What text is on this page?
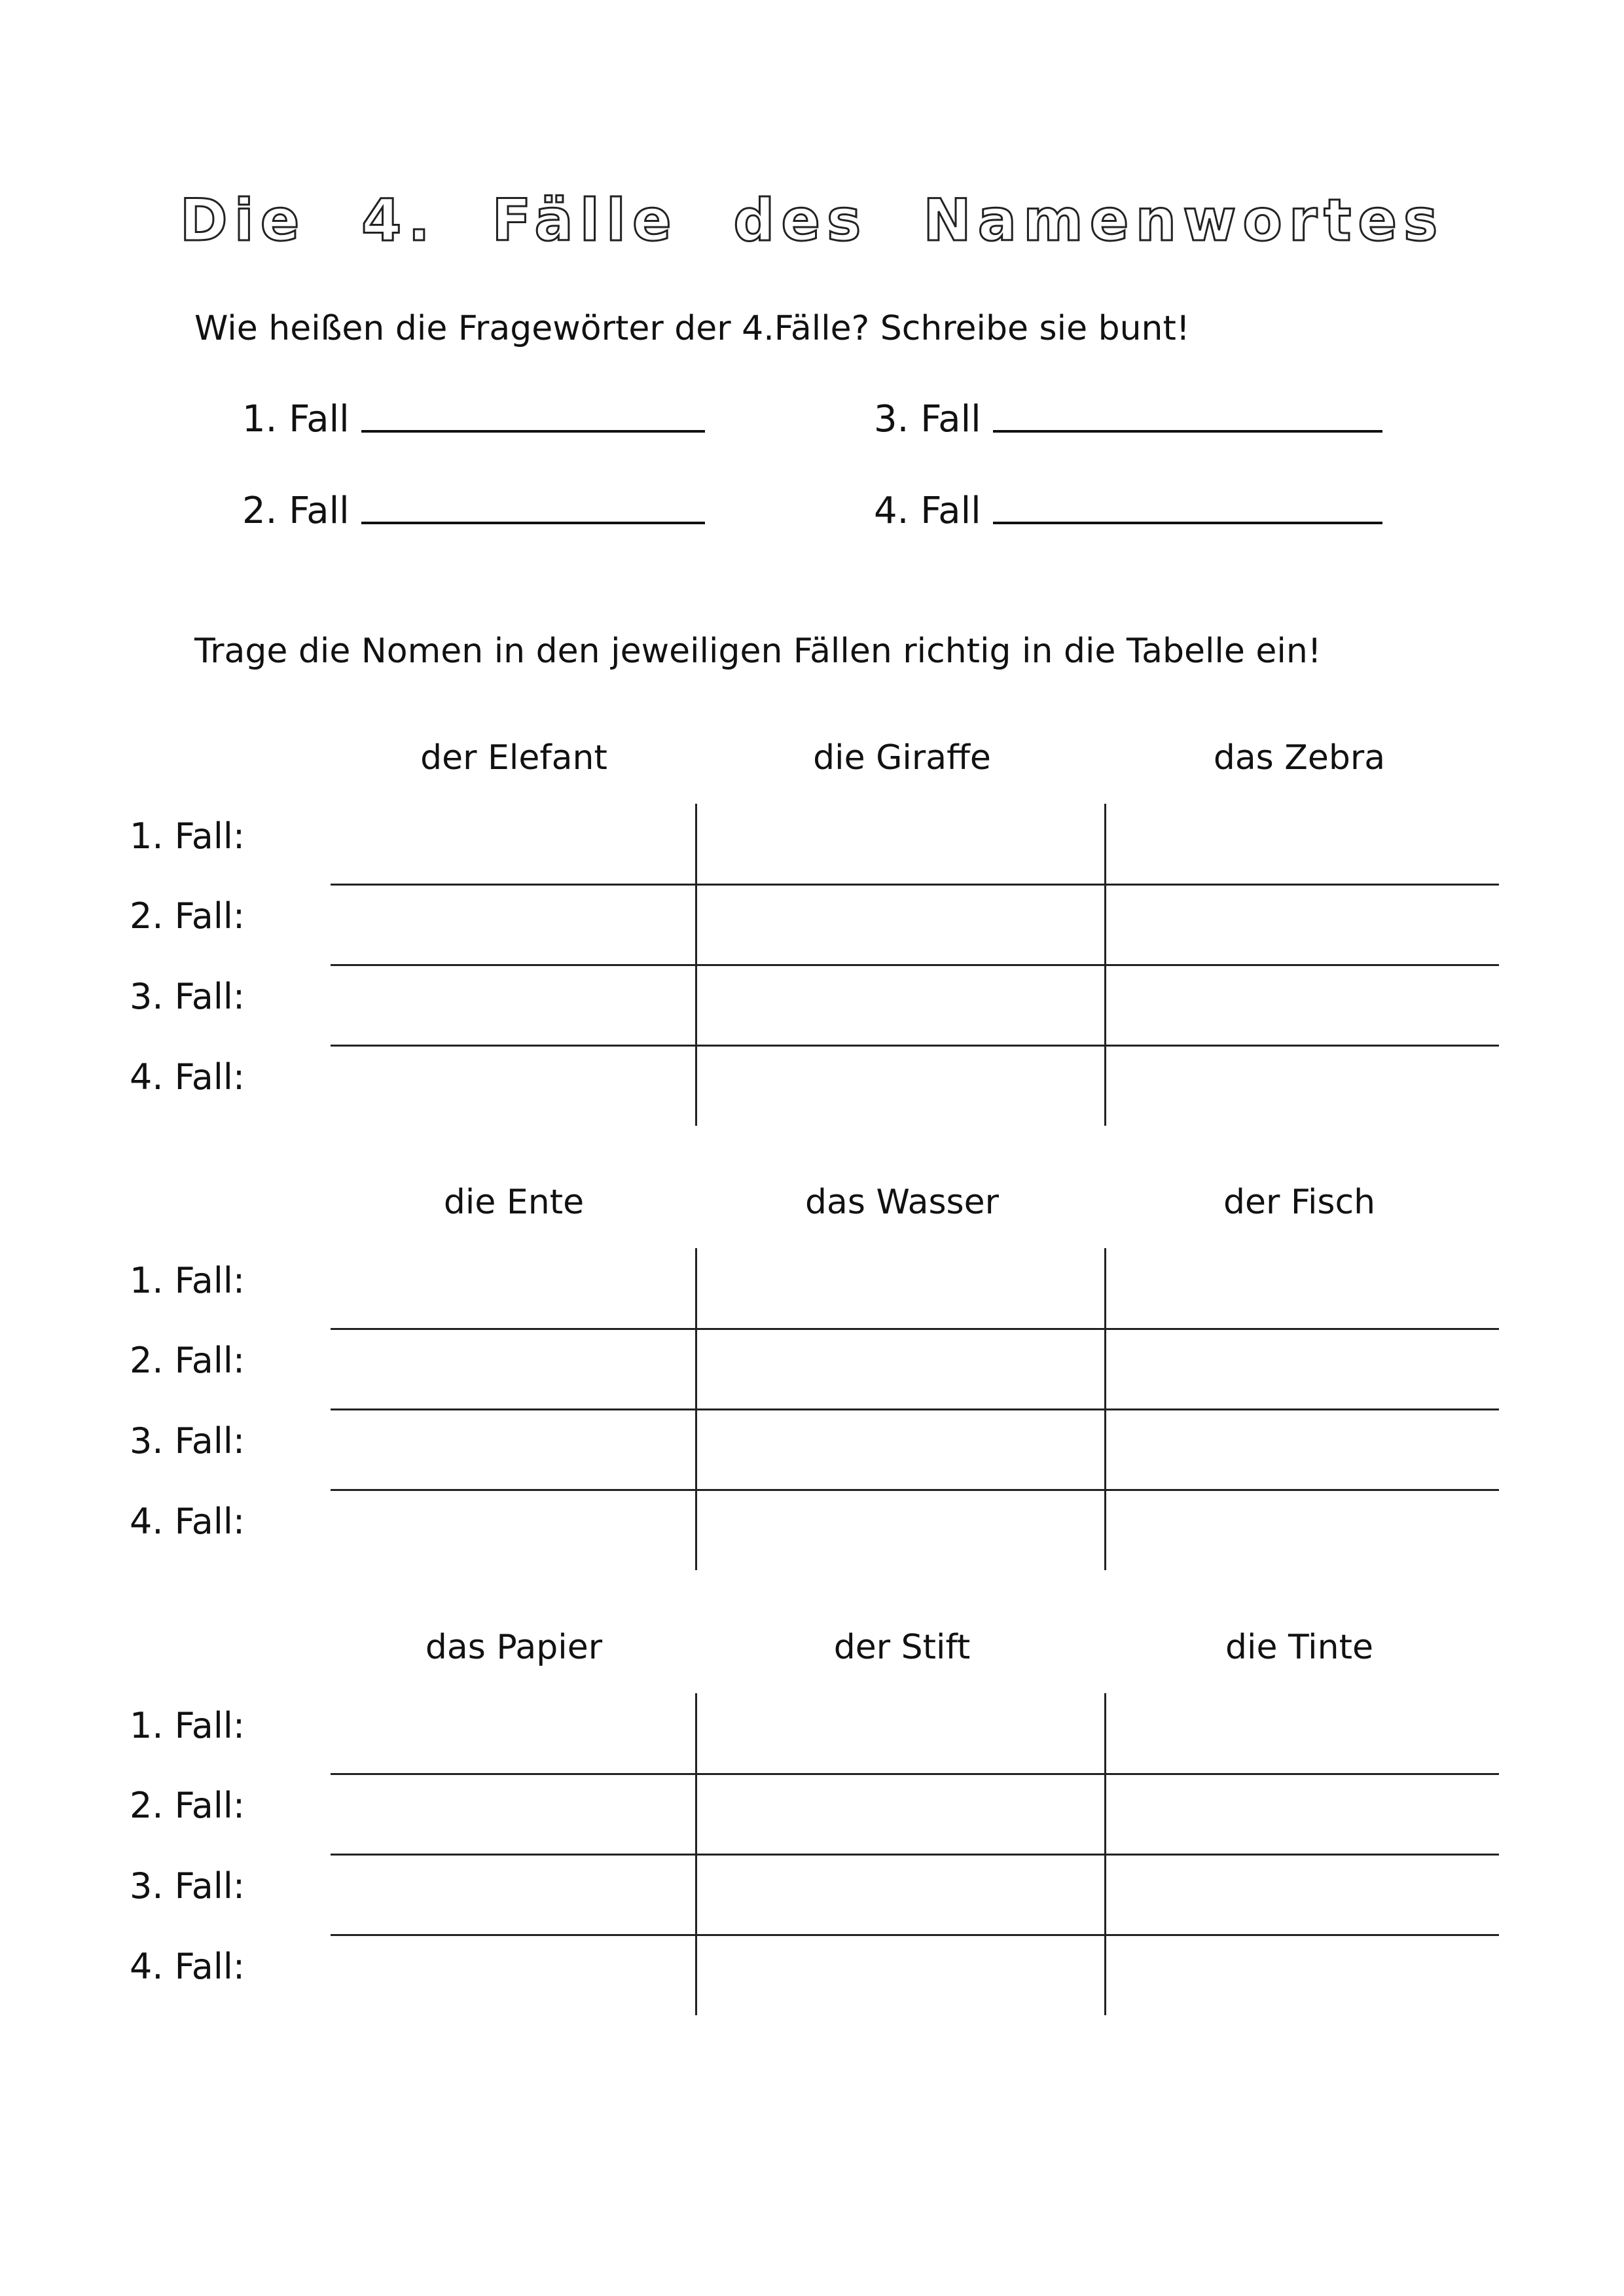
Die 4. Fälle des Namenwortes
Wie heißen die Fragewörter der 4.Fälle? Schreibe sie bunt!
1. Fall	3. Fall
2. Fall	4. Fall
Trage die Nomen in den jeweiligen Fällen richtig in die Tabelle ein!
der Elefant	die Giraffe	das Zebra
1. Fall:
2. Fall:
3. Fall:
4. Fall:
die Ente	das Wasser	der Fisch
1. Fall:
2. Fall:
3. Fall:
4. Fall:
das Papier	der Stift	die Tinte
1. Fall:
2. Fall:
3. Fall:
4. Fall:
